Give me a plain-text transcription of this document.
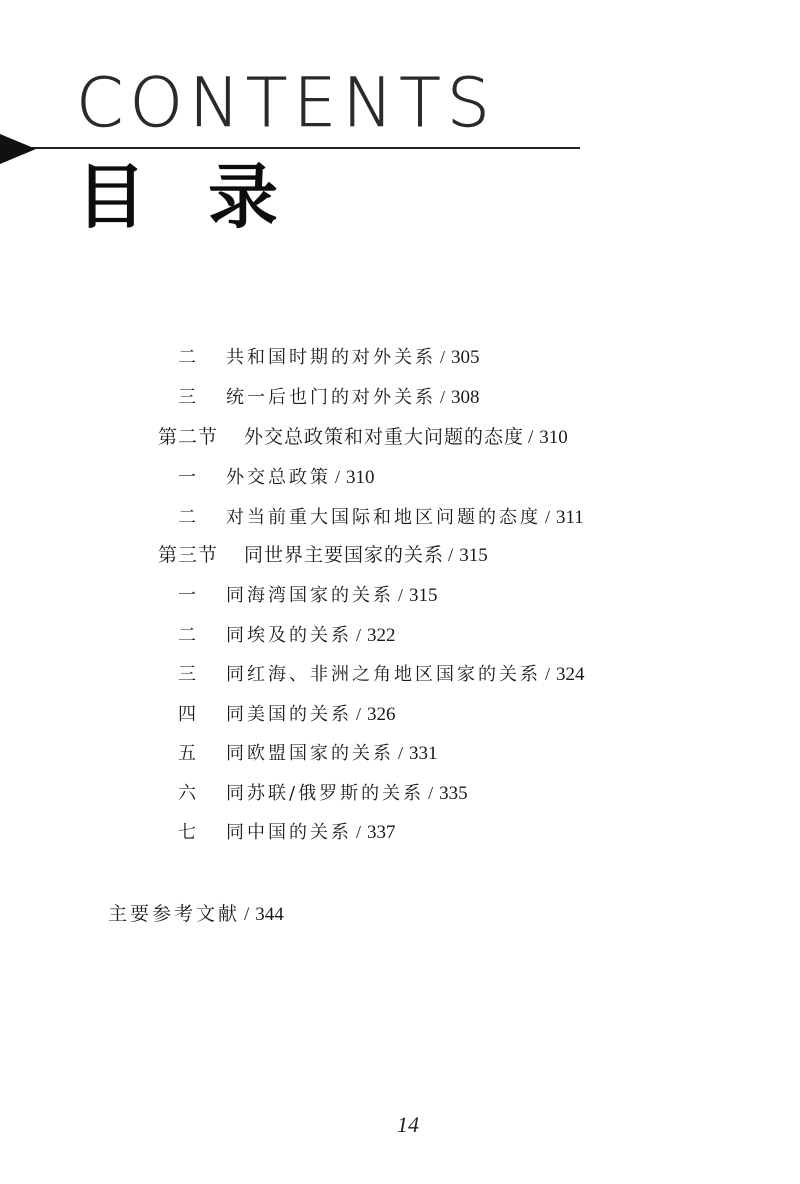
CONTENTS
目录
二 共和国时期的对外关系 / 305
三 统一后也门的对外关系 / 308
第二节 外交总政策和对重大问题的态度 / 310
一 外交总政策 / 310
二 对当前重大国际和地区问题的态度 / 311
第三节 同世界主要国家的关系 / 315
一 同海湾国家的关系 / 315
二 同埃及的关系 / 322
三 同红海、非洲之角地区国家的关系 / 324
四 同美国的关系 / 326
五 同欧盟国家的关系 / 331
六 同苏联/俄罗斯的关系 / 335
七 同中国的关系 / 337
主要参考文献 / 344
14
